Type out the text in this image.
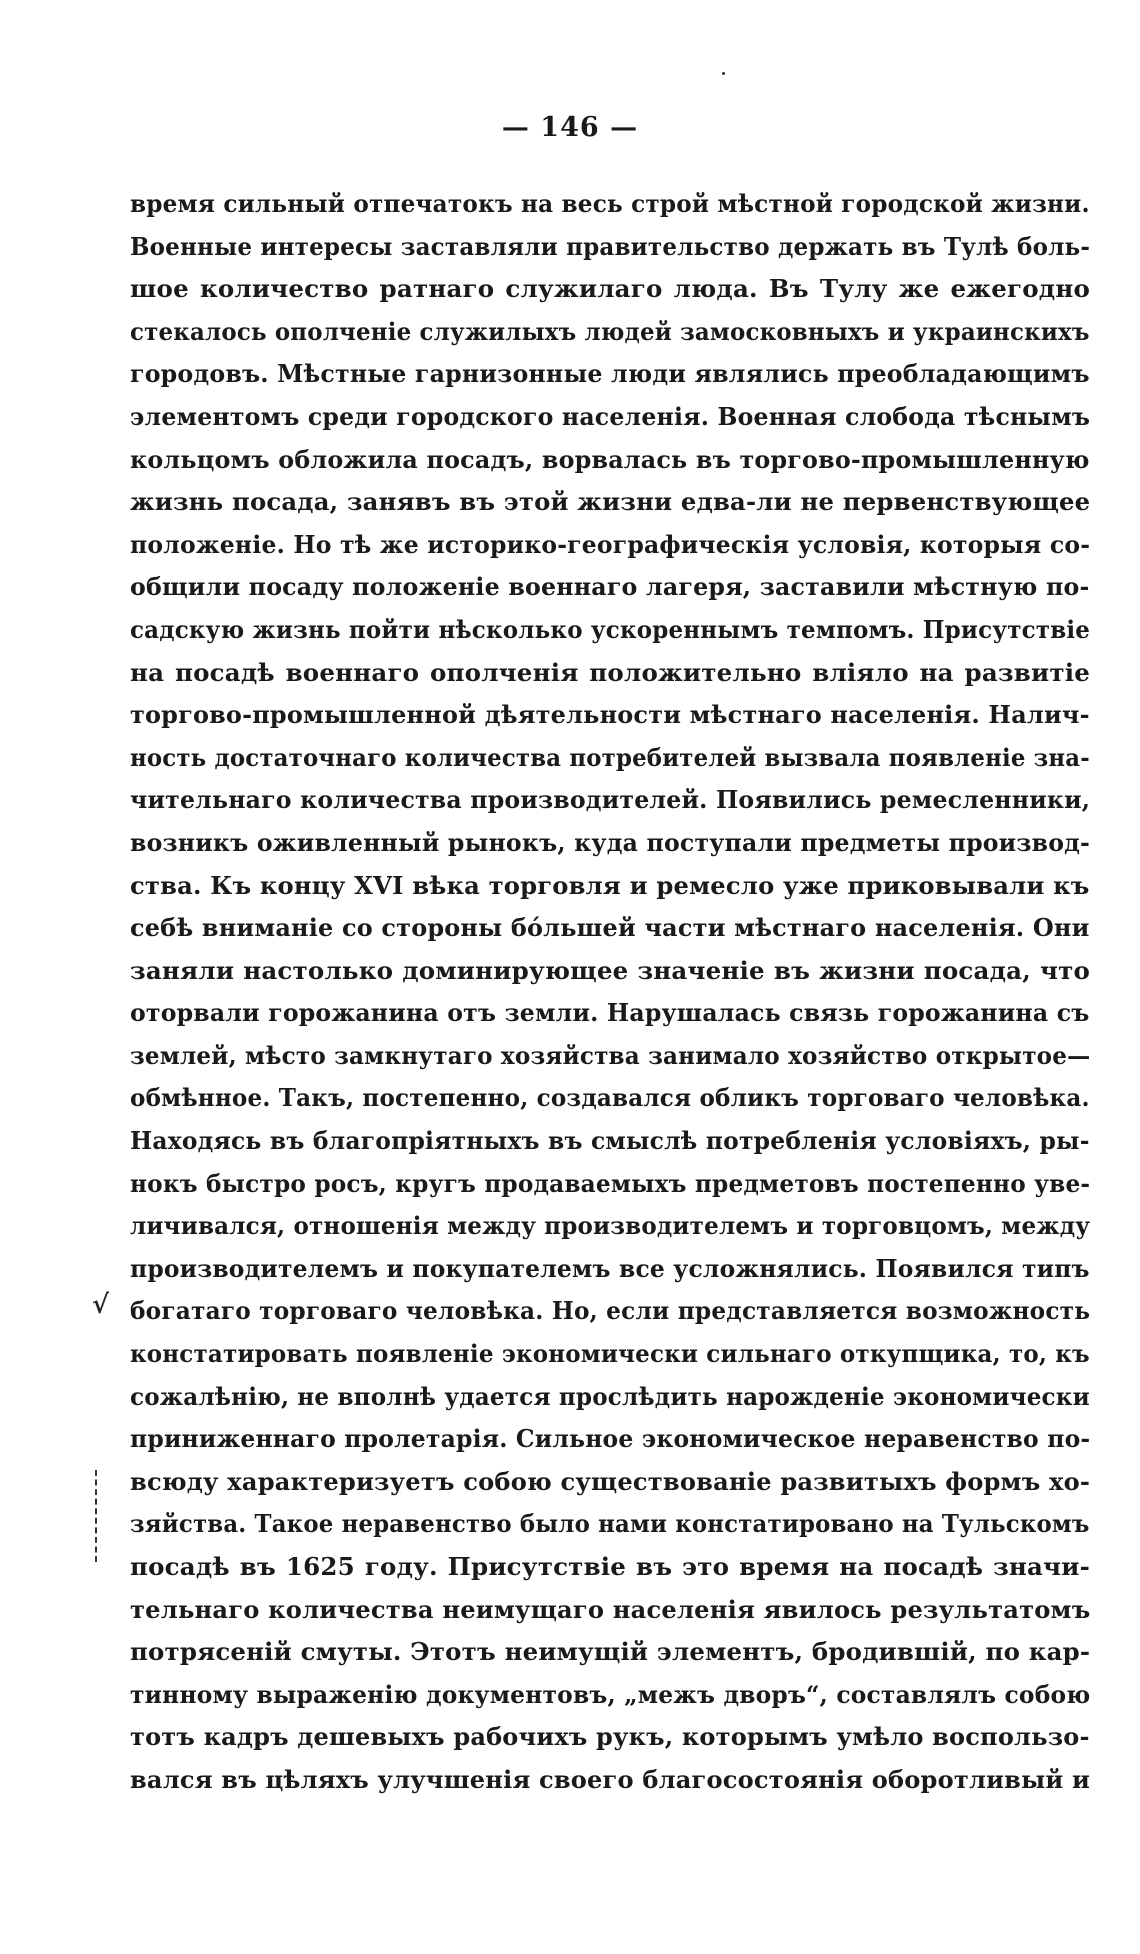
— 146 —
время сильный отпечатокъ на весь строй мѣстной городской жизни.
Военные интересы заставляли правительство держать въ Тулѣ боль-
шое количество ратнаго служилаго люда. Въ Тулу же ежегодно
стекалось ополченіе служилыхъ людей замосковныхъ и украинскихъ
городовъ. Мѣстные гарнизонные люди являлись преобладающимъ
элементомъ среди городского населенія. Военная слобода тѣснымъ
кольцомъ обложила посадъ, ворвалась въ торгово-промышленную
жизнь посада, занявъ въ этой жизни едва-ли не первенствующее
положеніе. Но тѣ же историко-географическія условія, которыя со-
общили посаду положеніе военнаго лагеря, заставили мѣстную по-
садскую жизнь пойти нѣсколько ускореннымъ темпомъ. Присутствіе
на посадѣ военнаго ополченія положительно вліяло на развитіе
торгово-промышленной дѣятельности мѣстнаго населенія. Налич-
ность достаточнаго количества потребителей вызвала появленіе зна-
чительнаго количества производителей. Появились ремесленники,
возникъ оживленный рынокъ, куда поступали предметы производ-
ства. Къ концу XVI вѣка торговля и ремесло уже приковывали къ
себѣ вниманіе со стороны бóльшей части мѣстнаго населенія. Они
заняли настолько доминирующее значеніе въ жизни посада, что
оторвали горожанина отъ земли. Нарушалась связь горожанина съ
землей, мѣсто замкнутаго хозяйства занимало хозяйство открытое—
обмѣнное. Такъ, постепенно, создавался обликъ торговаго человѣка.
Находясь въ благопріятныхъ въ смыслѣ потребленія условіяхъ, ры-
нокъ быстро росъ, кругъ продаваемыхъ предметовъ постепенно уве-
личивался, отношенія между производителемъ и торговцомъ, между
производителемъ и покупателемъ все усложнялись. Появился типъ
богатаго торговаго человѣка. Но, если представляется возможность
констатировать появленіе экономически сильнаго откупщика, то, къ
сожалѣнію, не вполнѣ удается прослѣдить нарожденіе экономически
приниженнаго пролетарія. Сильное экономическое неравенство по-
всюду характеризуетъ собою существованіе развитыхъ формъ хо-
зяйства. Такое неравенство было нами констатировано на Тульскомъ
посадѣ въ 1625 году. Присутствіе въ это время на посадѣ значи-
тельнаго количества неимущаго населенія явилось результатомъ
потрясеній смуты. Этотъ неимущій элементъ, бродившій, по кар-
тинному выраженію документовъ, „межъ дворъ“, составлялъ собою
тотъ кадръ дешевыхъ рабочихъ рукъ, которымъ умѣло воспользо-
вался въ цѣляхъ улучшенія своего благосостоянія оборотливый и
√
